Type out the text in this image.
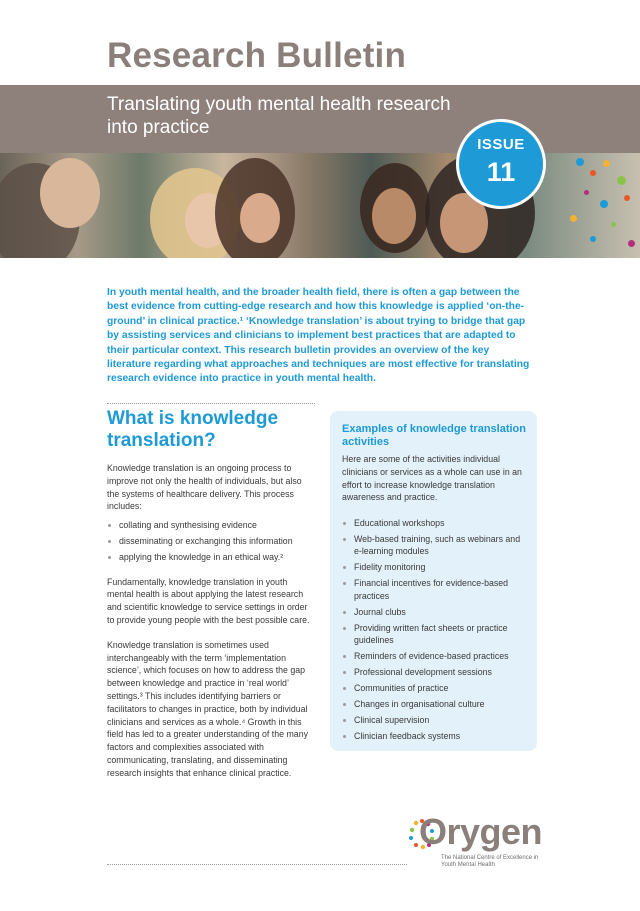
Research Bulletin
Translating youth mental health research into practice
ISSUE
11
In youth mental health, and the broader health field, there is often a gap between the best evidence from cutting-edge research and how this knowledge is applied ‘on-the-ground’ in clinical practice.¹ ‘Knowledge translation’ is about trying to bridge that gap by assisting services and clinicians to implement best practices that are adapted to their particular context. This research bulletin provides an overview of the key literature regarding what approaches and techniques are most effective for translating research evidence into practice in youth mental health.
What is knowledge translation?

Knowledge translation is an ongoing process to improve not only the health of individuals, but also the systems of healthcare delivery. This process includes:

collating and synthesising evidence
disseminating or exchanging this information
applying the knowledge in an ethical way.²

Fundamentally, knowledge translation in youth mental health is about applying the latest research and scientific knowledge to service settings in order to provide young people with the best possible care.

Knowledge translation is sometimes used interchangeably with the term ‘implementation science’, which focuses on how to address the gap between knowledge and practice in ‘real world’ settings.³ This includes identifying barriers or facilitators to changes in practice, both by individual clinicians and services as a whole.⁴ Growth in this field has led to a greater understanding of the many factors and complexities associated with communicating, translating, and disseminating research insights that enhance clinical practice.

Examples of knowledge translation activities

Here are some of the activities individual clinicians or services as a whole can use in an effort to increase knowledge translation awareness and practice.

Educational workshops
Web-based training, such as webinars and e-learning modules
Fidelity monitoring
Financial incentives for evidence-based practices
Journal clubs
Providing written fact sheets or practice guidelines
Reminders of evidence-based practices
Professional development sessions
Communities of practice
Changes in organisational culture
Clinical supervision
Clinician feedback systems
Orygen
The National Centre of Excellence in Youth Mental Health
